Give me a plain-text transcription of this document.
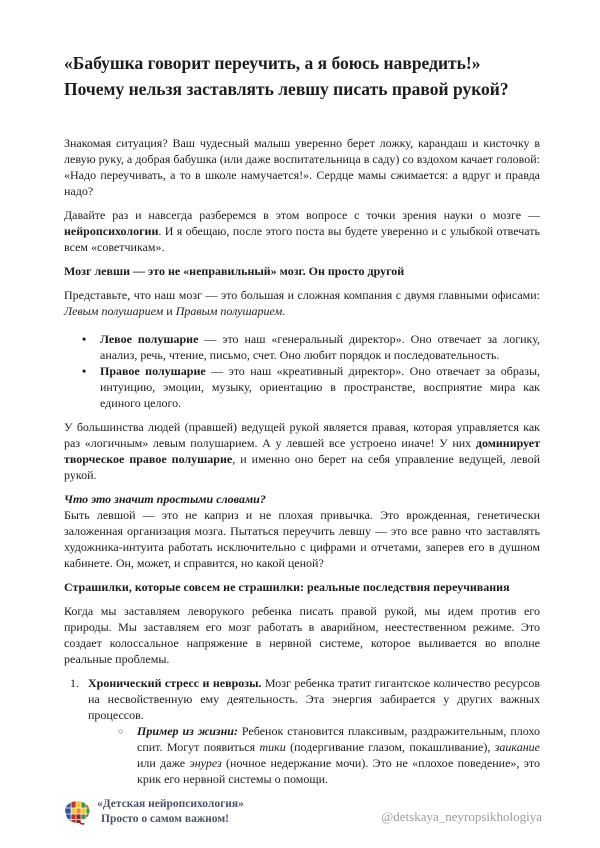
«Бабушка говорит переучить, а я боюсь навредить!»
Почему нельзя заставлять левшу писать правой рукой?

Знакомая ситуация? Ваш чудесный малыш уверенно берет ложку, карандаш и кисточку в левую руку, а добрая бабушка (или даже воспитательница в саду) со вздохом качает головой: «Надо переучивать, а то в школе намучается!». Сердце мамы сжимается: а вдруг и правда надо?

Давайте раз и навсегда разберемся в этом вопросе с точки зрения науки о мозге — нейропсихологии. И я обещаю, после этого поста вы будете уверенно и с улыбкой отвечать всем «советчикам».

Мозг левши — это не «неправильный» мозг. Он просто другой

Представьте, что наш мозг — это большая и сложная компания с двумя главными офисами: Левым полушарием и Правым полушарием.

• Левое полушарие — это наш «генеральный директор». Оно отвечает за логику, анализ, речь, чтение, письмо, счет. Оно любит порядок и последовательность.
• Правое полушарие — это наш «креативный директор». Оно отвечает за образы, интуицию, эмоции, музыку, ориентацию в пространстве, восприятие мира как единого целого.

У большинства людей (правшей) ведущей рукой является правая, которая управляется как раз «логичным» левым полушарием. А у левшей все устроено иначе! У них доминирует творческое правое полушарие, и именно оно берет на себя управление ведущей, левой рукой.

Что это значит простыми словами?

Быть левшой — это не каприз и не плохая привычка. Это врожденная, генетически заложенная организация мозга. Пытаться переучить левшу — это все равно что заставлять художника-интуита работать исключительно с цифрами и отчетами, заперев его в душном кабинете. Он, может, и справится, но какой ценой?

Страшилки, которые совсем не страшилки: реальные последствия переучивания

Когда мы заставляем леворукого ребенка писать правой рукой, мы идем против его природы. Мы заставляем его мозг работать в аварийном, неестественном режиме. Это создает колоссальное напряжение в нервной системе, которое выливается во вполне реальные проблемы.

1. Хронический стресс и неврозы. Мозг ребенка тратит гигантское количество ресурсов на несвойственную ему деятельность. Эта энергия забирается у других важных процессов.

○ Пример из жизни: Ребенок становится плаксивым, раздражительным, плохо спит. Могут появиться тики (подергивание глазом, покашливание), заикание или даже энурез (ночное недержание мочи). Это не «плохое поведение», это крик его нервной системы о помощи.

«Детская нейропсихология»
Просто о самом важном!	@detskaya_neyropsikhologiya
